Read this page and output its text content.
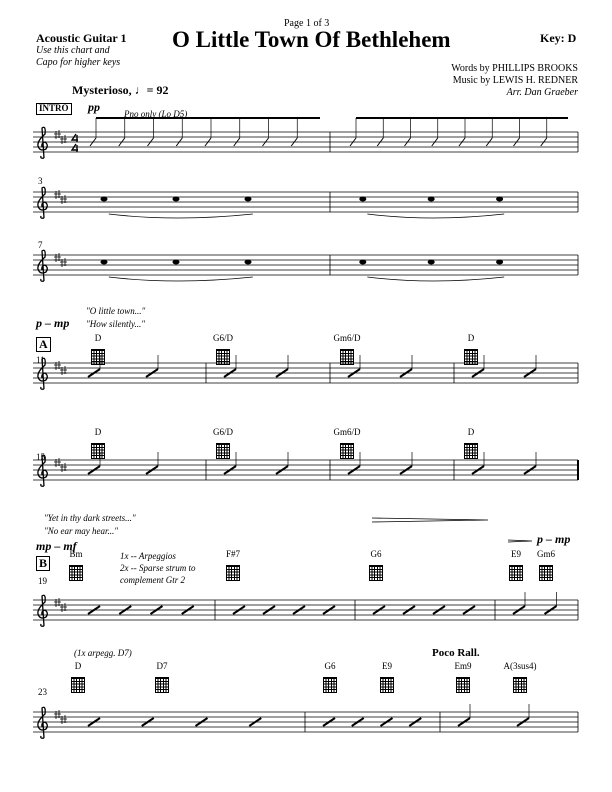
Page 1 of 3
O Little Town Of Bethlehem
Acoustic Guitar 1
Use this chart and
Capo for higher keys
Key: D
Words by PHILLIPS BROOKS
Music by LEWIS H. REDNER
Arr. Dan Graeber
Mysterioso, ♩= 92
INTRO pp	Pno only (Lo D5)
3
7
p – mp
"O little town..."
"How silently..."
A
11
15
"Yet in thy dark streets..."
"No ear may hear..."
mp – mf	p – mp
B
19
1x -- Arpeggios
2x -- Sparse strum to
complement Gtr 2
(1x arpegg. D7)	Poco Rall.
23
D	G6/D	Gm6/D	D
D	G6/D	Gm6/D	D
Bm	F#7	G6	E9 Gm6
D	D7	G6	E9	Em9	A(3sus4)
